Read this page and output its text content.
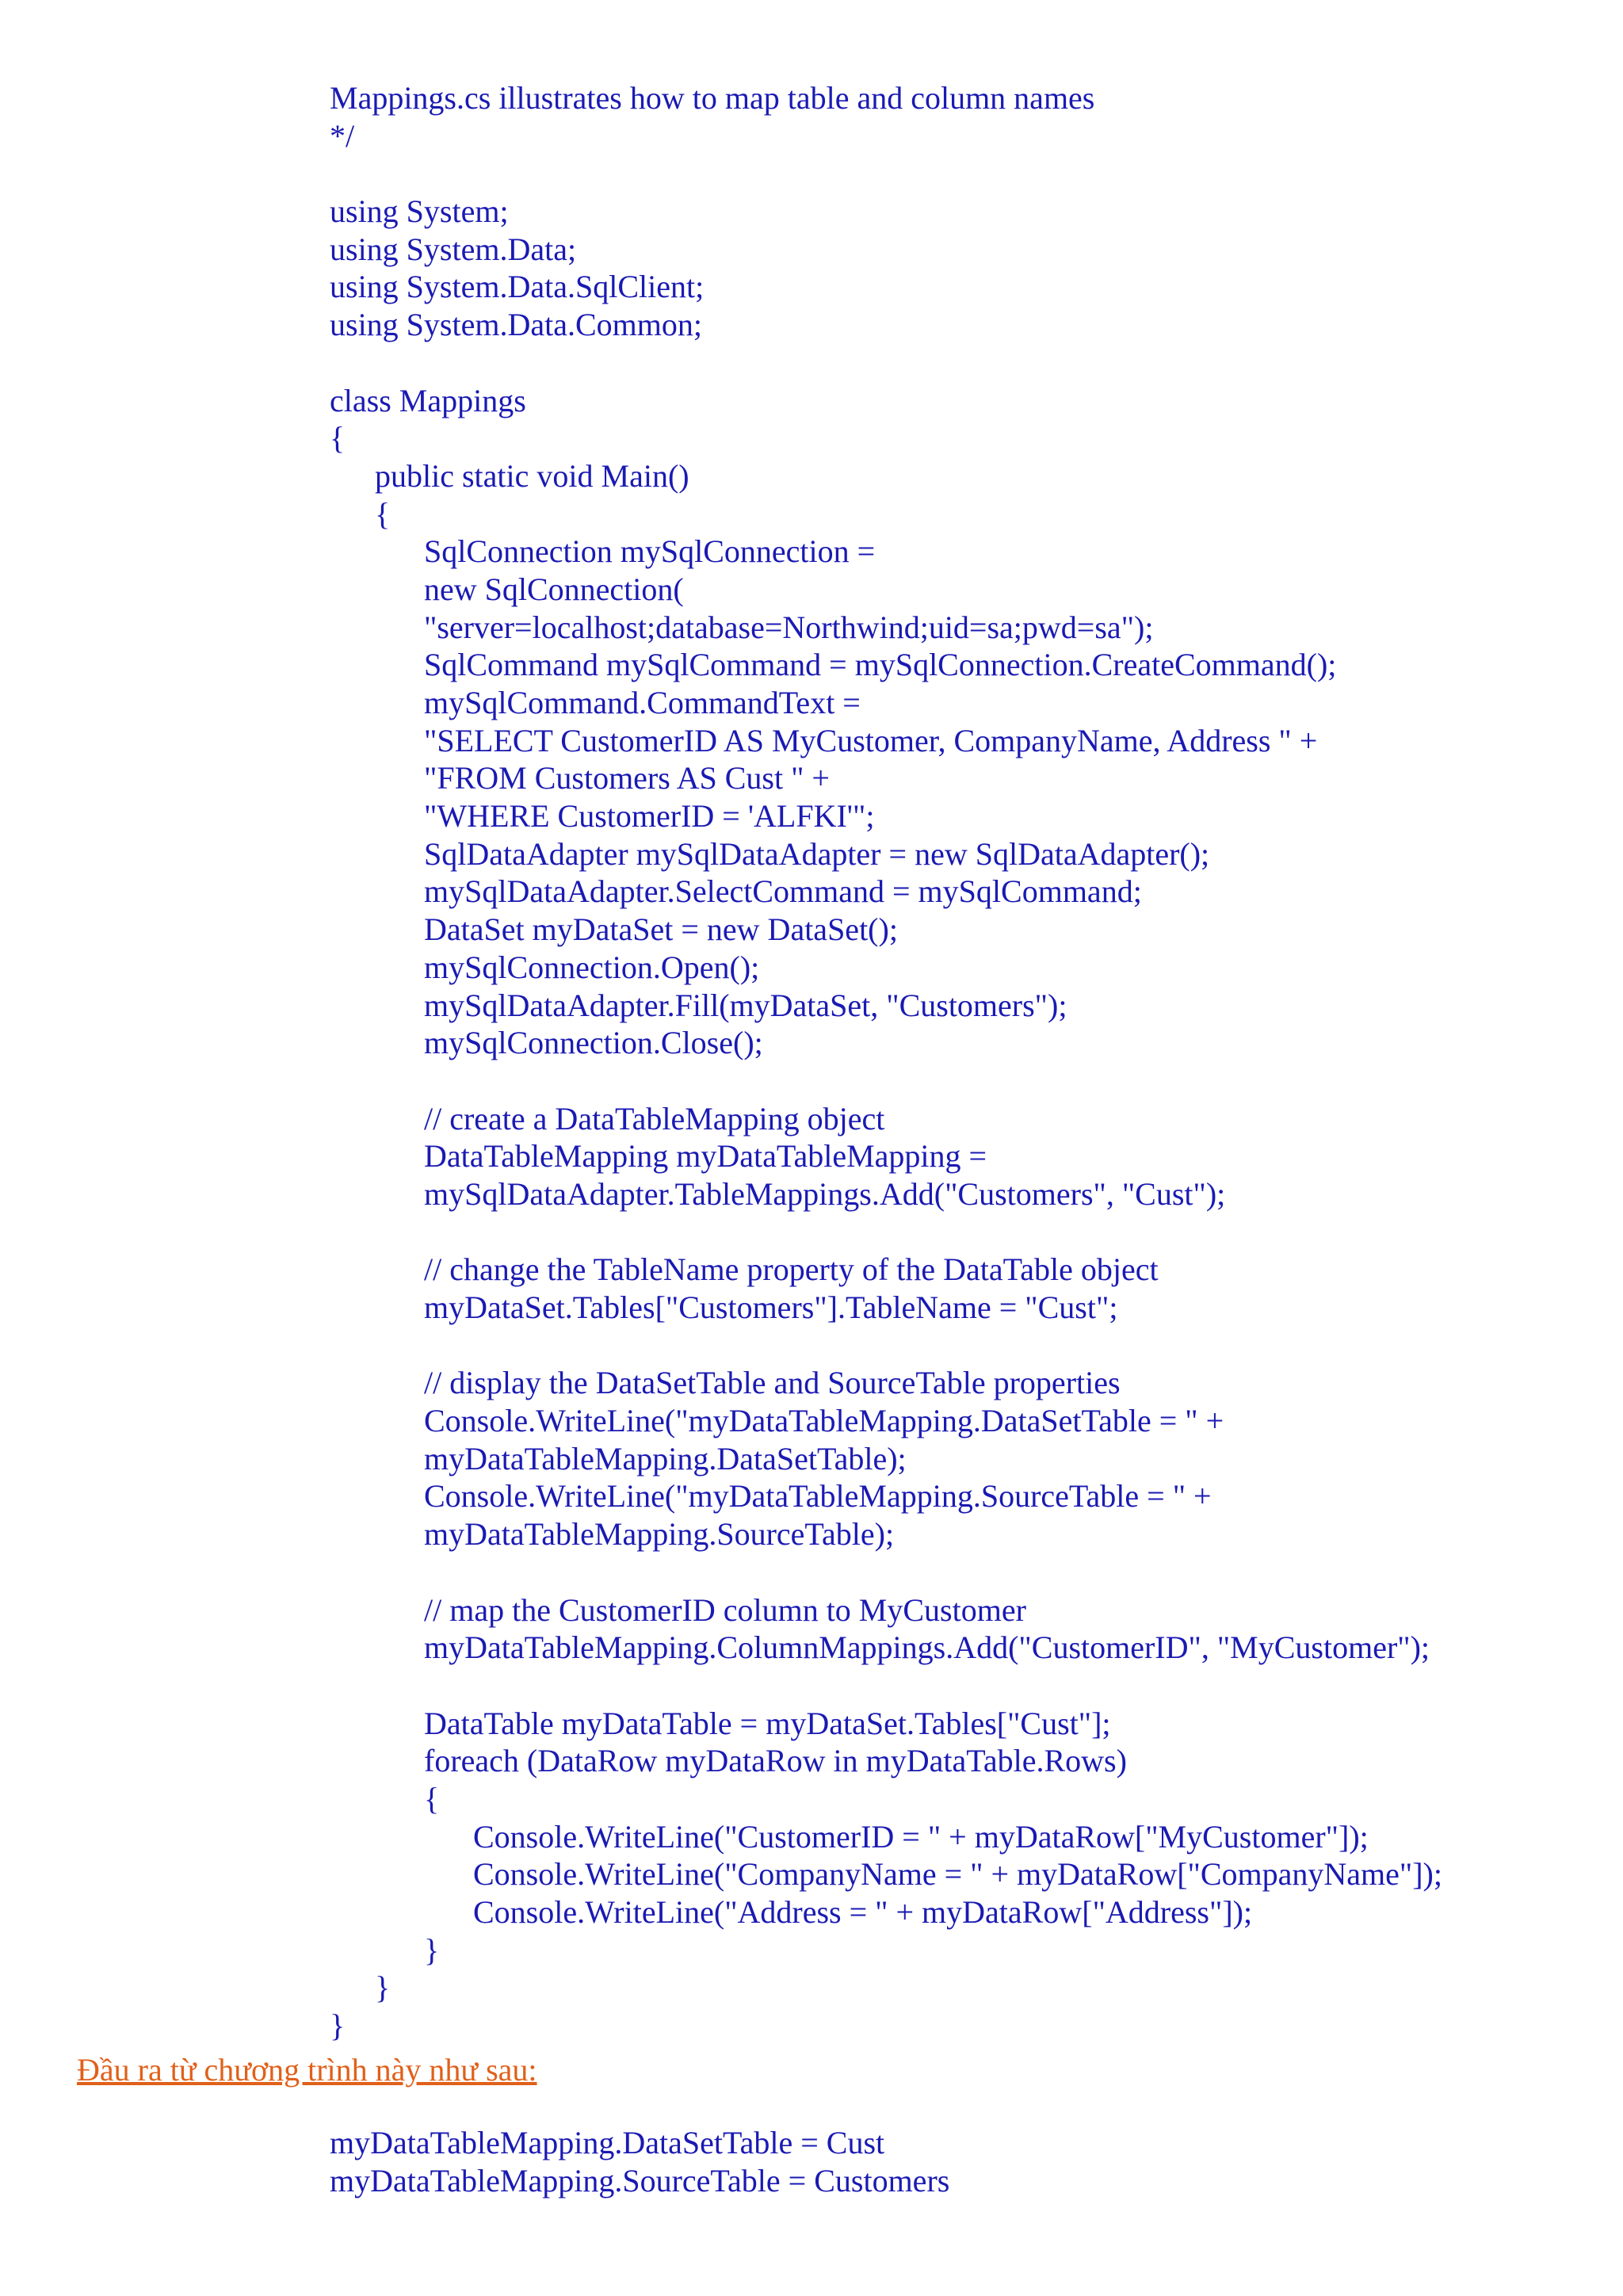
Mappings.cs illustrates how to map table and column names
*/
using System;
using System.Data;
using System.Data.SqlClient;
using System.Data.Common;
class Mappings
{
public static void Main()
{
SqlConnection mySqlConnection =
new SqlConnection(
"server=localhost;database=Northwind;uid=sa;pwd=sa");
SqlCommand mySqlCommand = mySqlConnection.CreateCommand();
mySqlCommand.CommandText =
"SELECT CustomerID AS MyCustomer, CompanyName, Address " +
"FROM Customers AS Cust " +
"WHERE CustomerID = 'ALFKI'";
SqlDataAdapter mySqlDataAdapter = new SqlDataAdapter();
mySqlDataAdapter.SelectCommand = mySqlCommand;
DataSet myDataSet = new DataSet();
mySqlConnection.Open();
mySqlDataAdapter.Fill(myDataSet, "Customers");
mySqlConnection.Close();
// create a DataTableMapping object
DataTableMapping myDataTableMapping =
mySqlDataAdapter.TableMappings.Add("Customers", "Cust");
// change the TableName property of the DataTable object
myDataSet.Tables["Customers"].TableName = "Cust";
// display the DataSetTable and SourceTable properties
Console.WriteLine("myDataTableMapping.DataSetTable = " +
myDataTableMapping.DataSetTable);
Console.WriteLine("myDataTableMapping.SourceTable = " +
myDataTableMapping.SourceTable);
// map the CustomerID column to MyCustomer
myDataTableMapping.ColumnMappings.Add("CustomerID", "MyCustomer");
DataTable myDataTable = myDataSet.Tables["Cust"];
foreach (DataRow myDataRow in myDataTable.Rows)
{
Console.WriteLine("CustomerID = " + myDataRow["MyCustomer"]);
Console.WriteLine("CompanyName = " + myDataRow["CompanyName"]);
Console.WriteLine("Address = " + myDataRow["Address"]);
}
}
}
Đầu ra từ chương trình này như sau:
myDataTableMapping.DataSetTable = Cust
myDataTableMapping.SourceTable = Customers
